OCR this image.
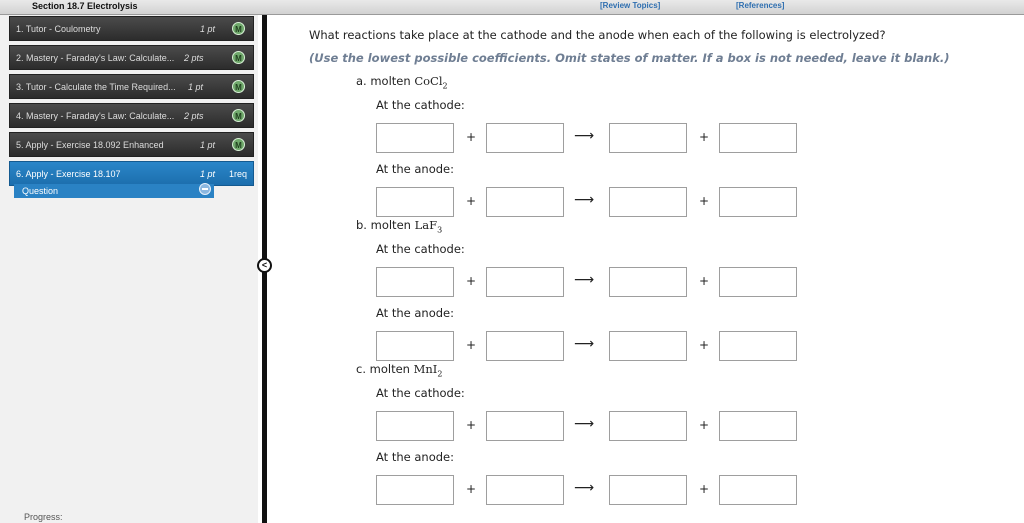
Section 18.7 Electrolysis	[Review Topics]	[References]
1. Tutor - Coulometry	1 pt	M
2. Mastery - Faraday's Law: Calculate... 2 pts	M
3. Tutor - Calculate the Time Required... 1 pt	M
4. Mastery - Faraday's Law: Calculate... 2 pts	M
5. Apply - Exercise 18.092 Enhanced	1 pt	M
6. Apply - Exercise 18.107	1 pt 1req
Question
Progress:
<
What reactions take place at the cathode and the anode when each of the following is electrolyzed?
(Use the lowest possible coefficients. Omit states of matter. If a box is not needed, leave it blank.)
a. molten CoCl$_2$
At the cathode:
+	⟶	+
At the anode:
+	⟶	+
b. molten LaF$_3$
At the cathode:
+	⟶	+
At the anode:
+	⟶	+
c. molten MnI$_2$
At the cathode:
+	⟶	+
At the anode:
+	⟶	+
